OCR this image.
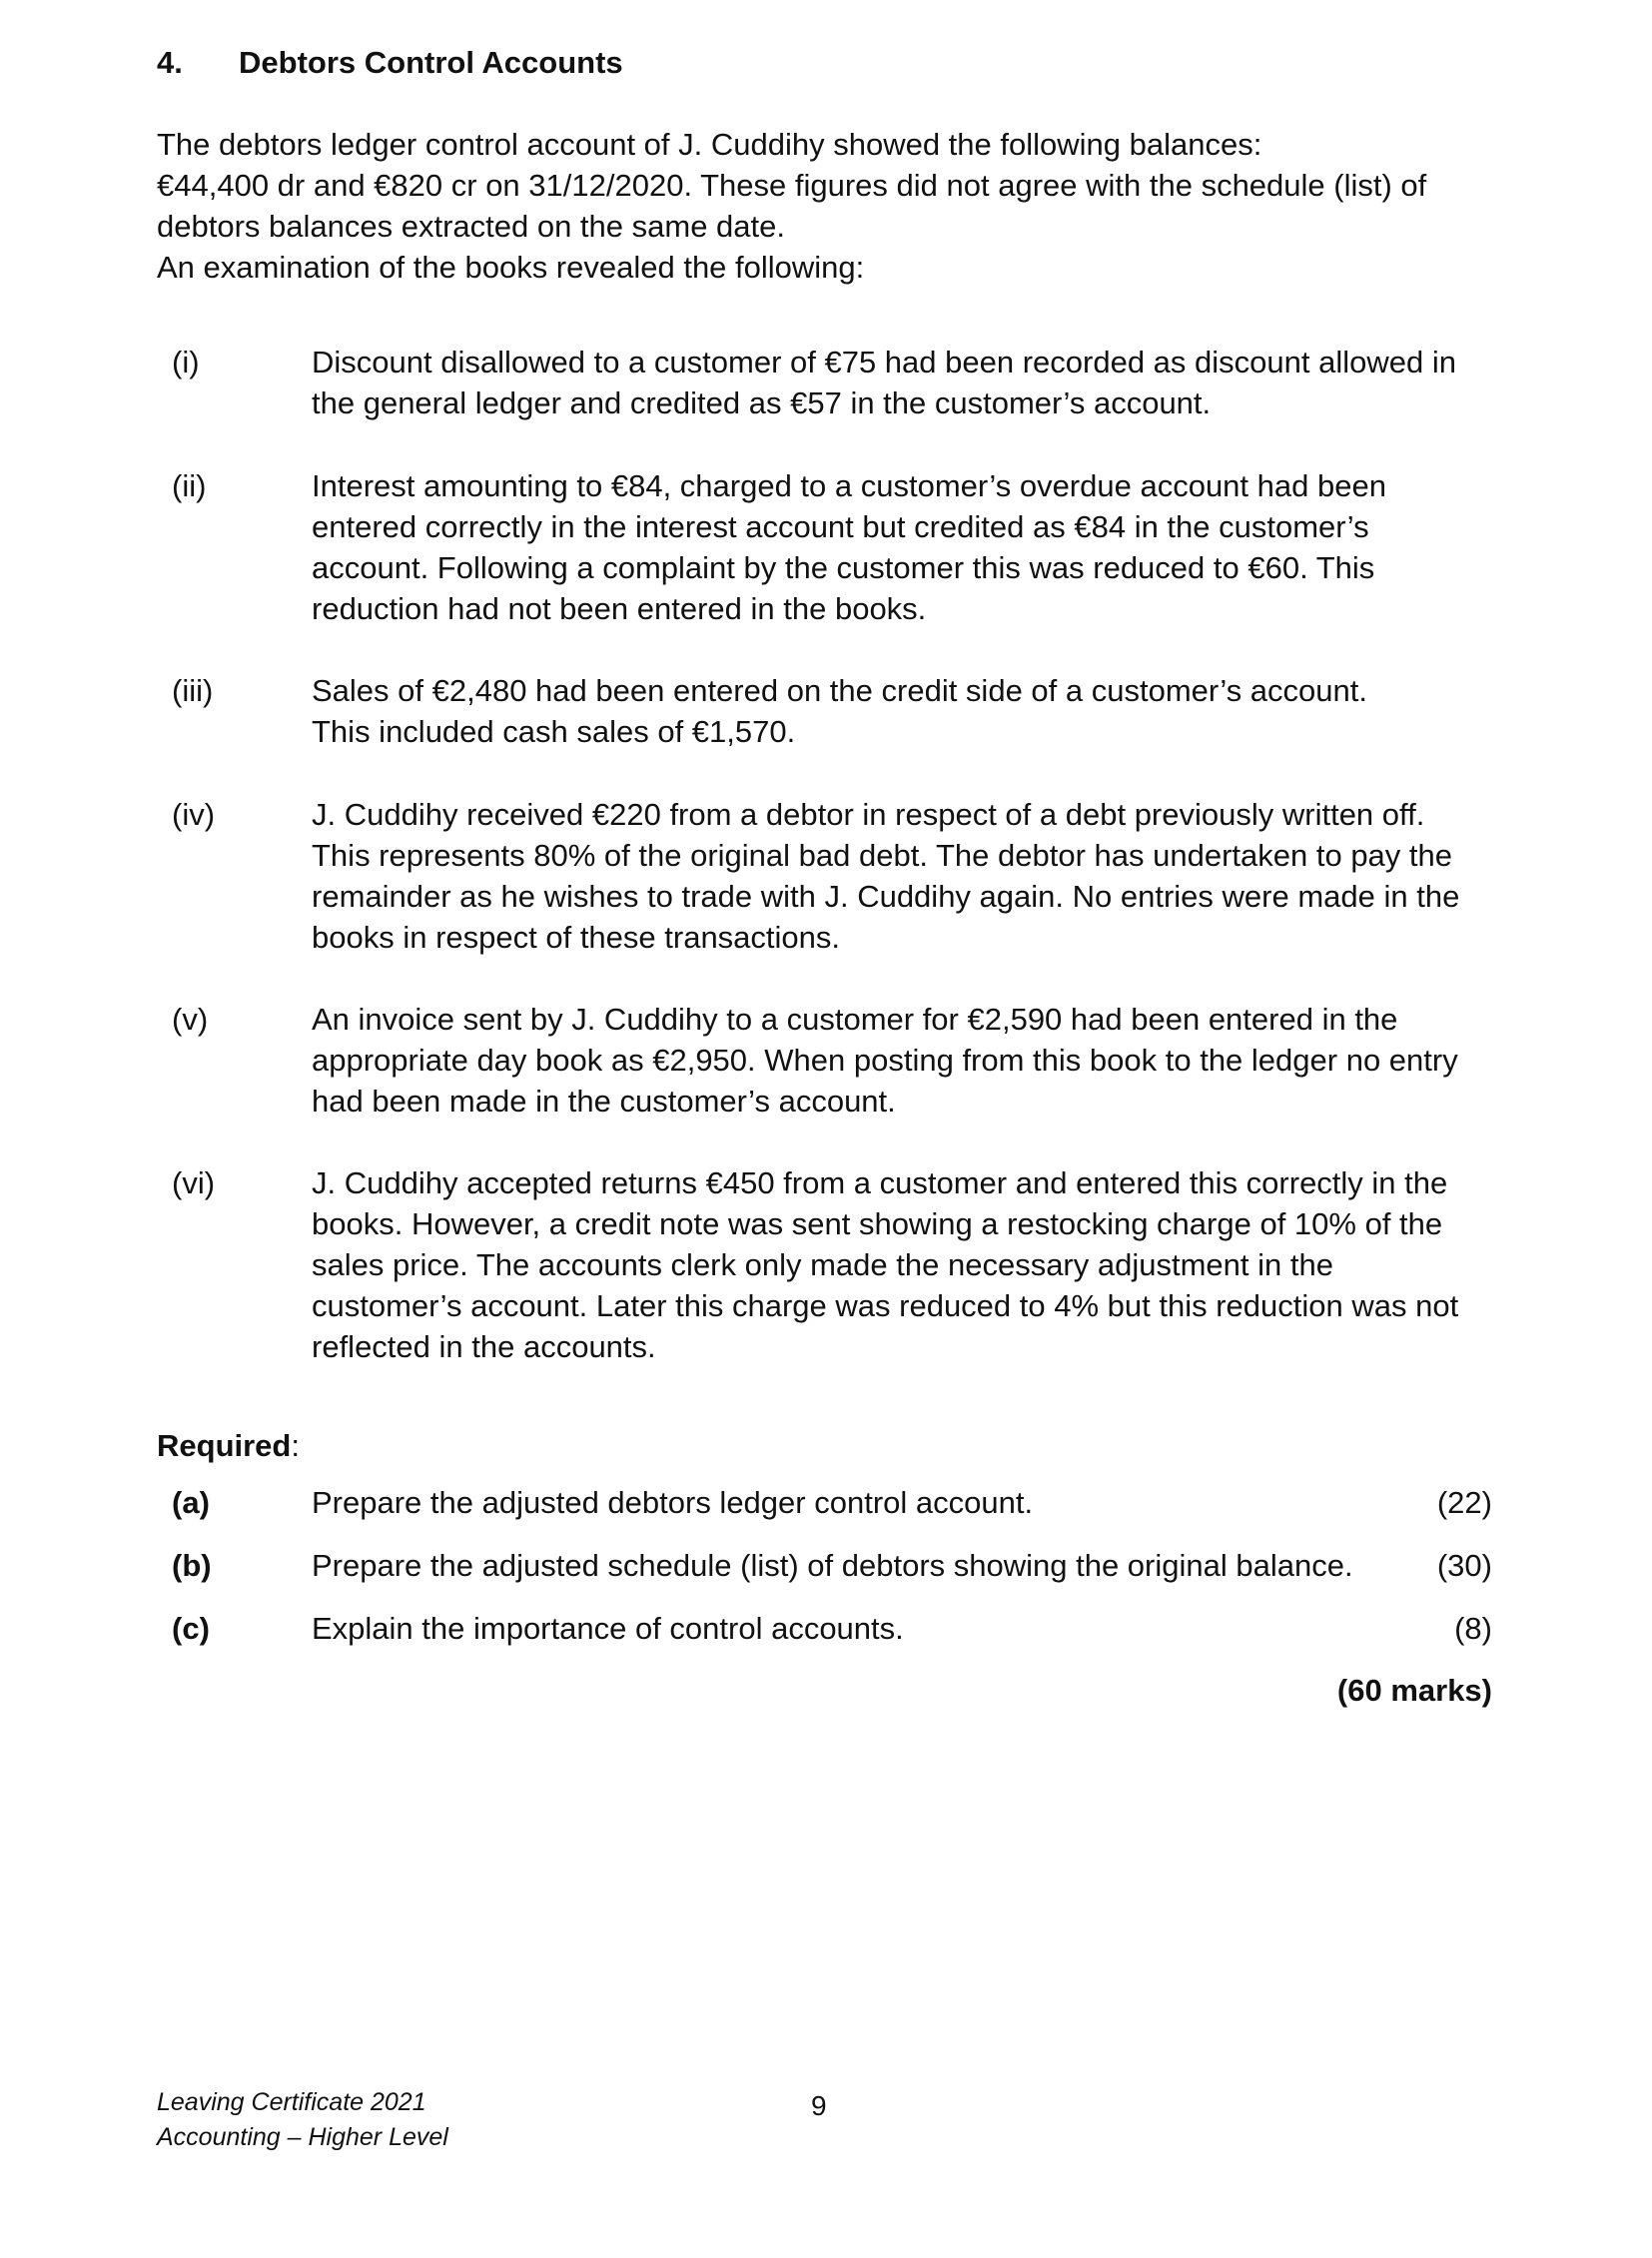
4. Debtors Control Accounts

The debtors ledger control account of J. Cuddihy showed the following balances:

€44,400 dr and €820 cr on 31/12/2020. These figures did not agree with the schedule (list) of debtors balances extracted on the same date.

An examination of the books revealed the following:

(i)	Discount disallowed to a customer of €75 had been recorded as discount allowed in the general ledger and credited as €57 in the customer’s account.
(ii)	Interest amounting to €84, charged to a customer’s overdue account had been entered correctly in the interest account but credited as €84 in the customer’s account. Following a complaint by the customer this was reduced to €60. This reduction had not been entered in the books.
(iii)	Sales of €2,480 had been entered on the credit side of a customer’s account. This included cash sales of €1,570.
(iv)	J. Cuddihy received €220 from a debtor in respect of a debt previously written off. This represents 80% of the original bad debt. The debtor has undertaken to pay the remainder as he wishes to trade with J. Cuddihy again. No entries were made in the books in respect of these transactions.
(v)	An invoice sent by J. Cuddihy to a customer for €2,590 had been entered in the appropriate day book as €2,950. When posting from this book to the ledger no entry had been made in the customer’s account.
(vi)	J. Cuddihy accepted returns €450 from a customer and entered this correctly in the books. However, a credit note was sent showing a restocking charge of 10% of the sales price. The accounts clerk only made the necessary adjustment in the customer’s account. Later this charge was reduced to 4% but this reduction was not reflected in the accounts.
Required:
(a)	Prepare the adjusted debtors ledger control account.	(22)
(b)	Prepare the adjusted schedule (list) of debtors showing the original balance.	(30)
(c)	Explain the importance of control accounts.	(8)
(60 marks)
Leaving Certificate 2021
Accounting – Higher Level
9
